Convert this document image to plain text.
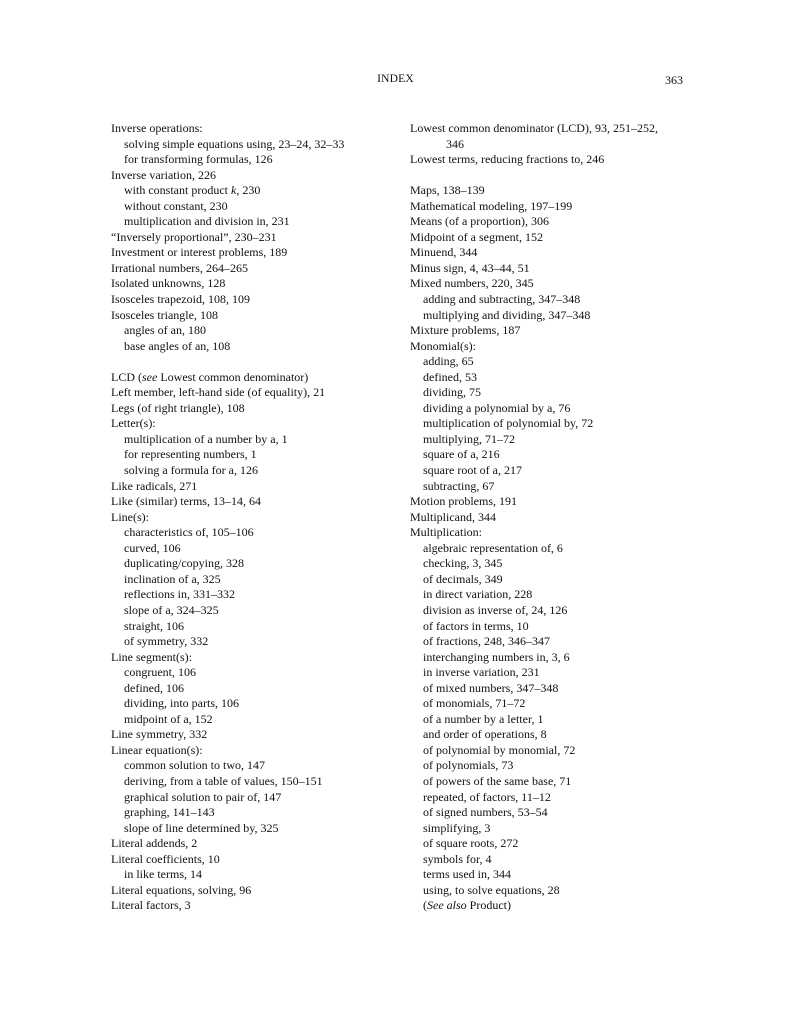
INDEX	363
Inverse operations:
solving simple equations using, 23–24, 32–33
for transforming formulas, 126
Inverse variation, 226
with constant product k, 230
without constant, 230
multiplication and division in, 231
“Inversely proportional”, 230–231
Investment or interest problems, 189
Irrational numbers, 264–265
Isolated unknowns, 128
Isosceles trapezoid, 108, 109
Isosceles triangle, 108
angles of an, 180
base angles of an, 108
LCD (see Lowest common denominator)
Left member, left-hand side (of equality), 21
Legs (of right triangle), 108
Letter(s):
multiplication of a number by a, 1
for representing numbers, 1
solving a formula for a, 126
Like radicals, 271
Like (similar) terms, 13–14, 64
Line(s):
characteristics of, 105–106
curved, 106
duplicating/copying, 328
inclination of a, 325
reflections in, 331–332
slope of a, 324–325
straight, 106
of symmetry, 332
Line segment(s):
congruent, 106
defined, 106
dividing, into parts, 106
midpoint of a, 152
Line symmetry, 332
Linear equation(s):
common solution to two, 147
deriving, from a table of values, 150–151
graphical solution to pair of, 147
graphing, 141–143
slope of line determined by, 325
Literal addends, 2
Literal coefficients, 10
in like terms, 14
Literal equations, solving, 96
Literal factors, 3
Lowest common denominator (LCD), 93, 251–252,
346
Lowest terms, reducing fractions to, 246
Maps, 138–139
Mathematical modeling, 197–199
Means (of a proportion), 306
Midpoint of a segment, 152
Minuend, 344
Minus sign, 4, 43–44, 51
Mixed numbers, 220, 345
adding and subtracting, 347–348
multiplying and dividing, 347–348
Mixture problems, 187
Monomial(s):
adding, 65
defined, 53
dividing, 75
dividing a polynomial by a, 76
multiplication of polynomial by, 72
multiplying, 71–72
square of a, 216
square root of a, 217
subtracting, 67
Motion problems, 191
Multiplicand, 344
Multiplication:
algebraic representation of, 6
checking, 3, 345
of decimals, 349
in direct variation, 228
division as inverse of, 24, 126
of factors in terms, 10
of fractions, 248, 346–347
interchanging numbers in, 3, 6
in inverse variation, 231
of mixed numbers, 347–348
of monomials, 71–72
of a number by a letter, 1
and order of operations, 8
of polynomial by monomial, 72
of polynomials, 73
of powers of the same base, 71
repeated, of factors, 11–12
of signed numbers, 53–54
simplifying, 3
of square roots, 272
symbols for, 4
terms used in, 344
using, to solve equations, 28
(See also Product)
